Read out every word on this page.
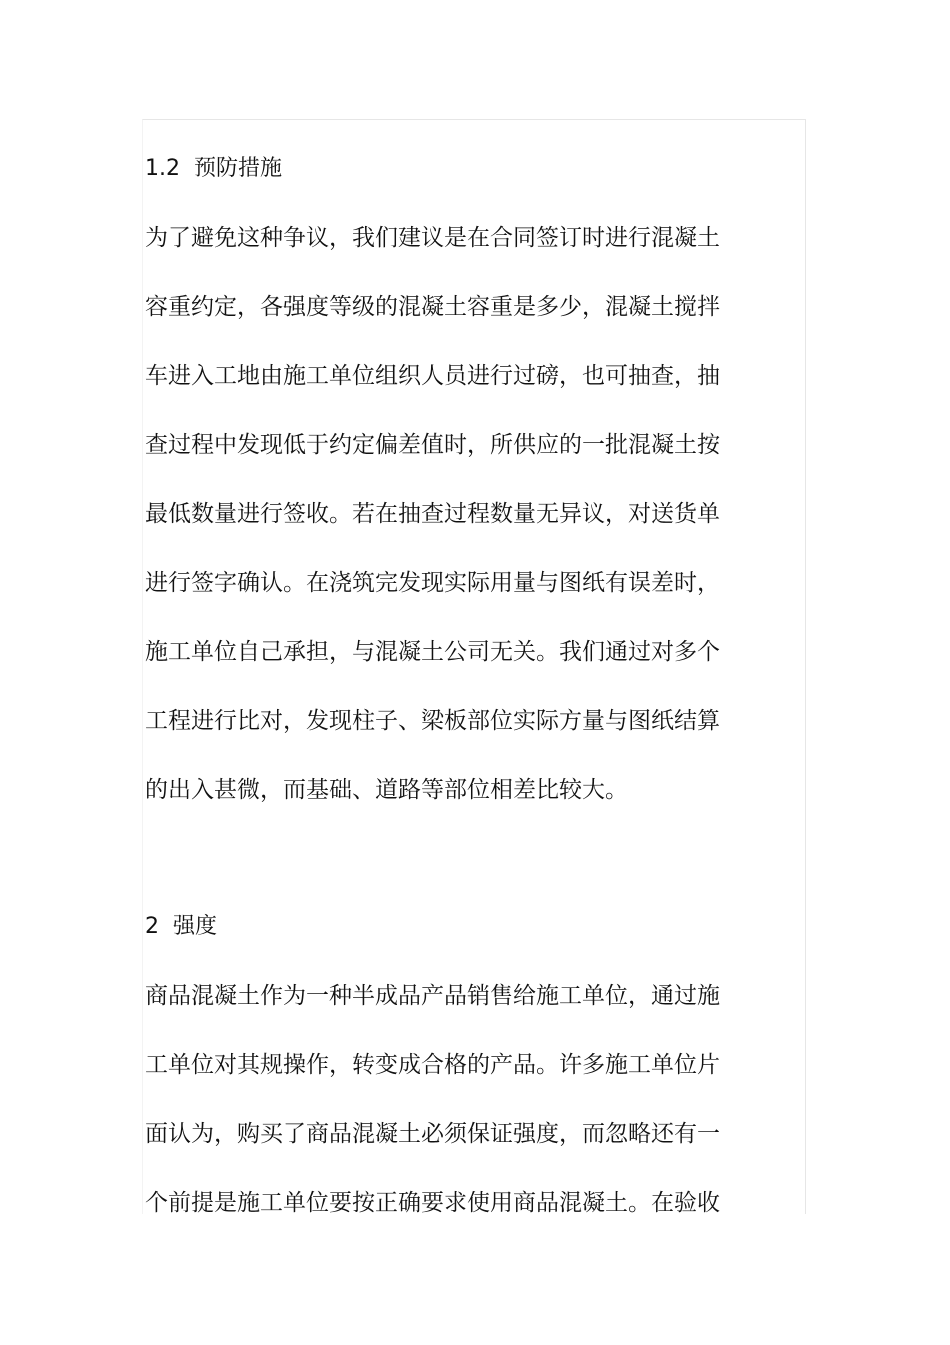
1.2 预防措施
为了避免这种争议，我们建议是在合同签订时进行混凝土
容重约定，各强度等级的混凝土容重是多少，混凝土搅拌
车进入工地由施工单位组织人员进行过磅，也可抽查，抽
查过程中发现低于约定偏差值时，所供应的一批混凝土按
最低数量进行签收。若在抽查过程数量无异议，对送货单
进行签字确认。在浇筑完发现实际用量与图纸有误差时，
施工单位自己承担，与混凝土公司无关。我们通过对多个
工程进行比对，发现柱子、梁板部位实际方量与图纸结算
的出入甚微，而基础、道路等部位相差比较大。
2 强度
商品混凝土作为一种半成品产品销售给施工单位，通过施
工单位对其规操作，转变成合格的产品。许多施工单位片
面认为，购买了商品混凝土必须保证强度，而忽略还有一
个前提是施工单位要按正确要求使用商品混凝土。在验收
